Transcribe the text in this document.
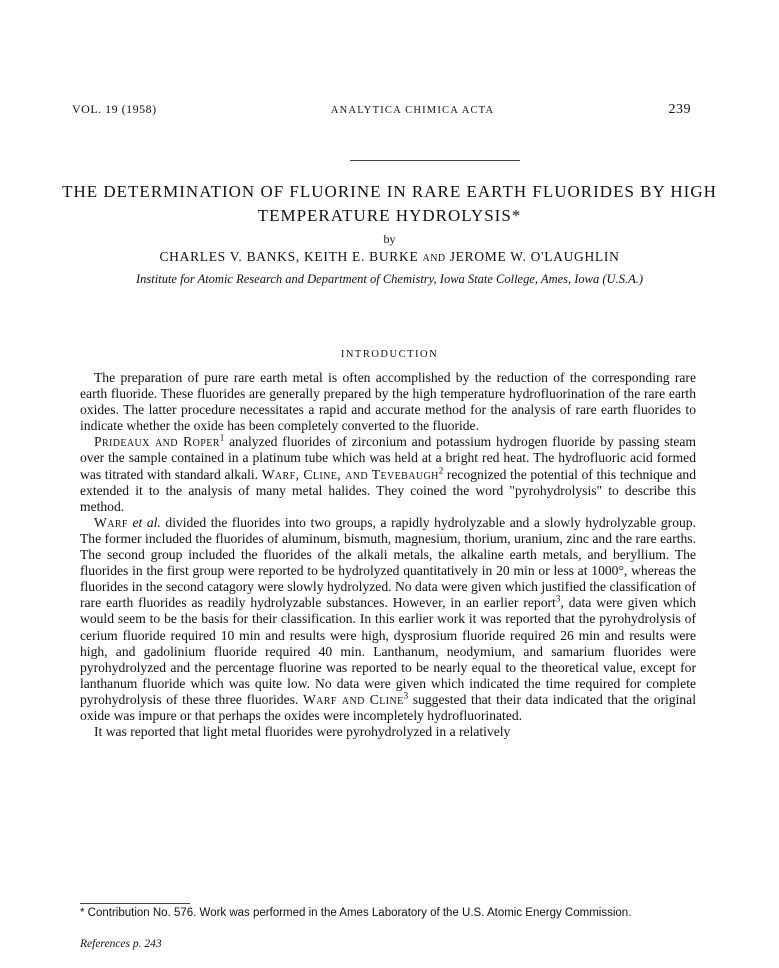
VOL. 19 (1958)	ANALYTICA CHIMICA ACTA	239
THE DETERMINATION OF FLUORINE IN RARE EARTH FLUORIDES BY HIGH TEMPERATURE HYDROLYSIS*
by
CHARLES V. BANKS, KEITH E. BURKE AND JEROME W. O'LAUGHLIN
Institute for Atomic Research and Department of Chemistry, Iowa State College, Ames, Iowa (U.S.A.)
INTRODUCTION

The preparation of pure rare earth metal is often accomplished by the reduction of the corresponding rare earth fluoride. These fluorides are generally prepared by the high temperature hydrofluorination of the rare earth oxides. The latter procedure necessitates a rapid and accurate method for the analysis of rare earth fluorides to indicate whether the oxide has been completely converted to the fluoride.

Prideaux and Roper$^1$ analyzed fluorides of zirconium and potassium hydrogen fluoride by passing steam over the sample contained in a platinum tube which was held at a bright red heat. The hydrofluoric acid formed was titrated with standard alkali. Warf, Cline, and Tevebaugh$^2$ recognized the potential of this technique and extended it to the analysis of many metal halides. They coined the word "pyrohydrolysis" to describe this method.

Warf et al. divided the fluorides into two groups, a rapidly hydrolyzable and a slowly hydrolyzable group. The former included the fluorides of aluminum, bismuth, magnesium, thorium, uranium, zinc and the rare earths. The second group included the fluorides of the alkali metals, the alkaline earth metals, and beryllium. The fluorides in the first group were reported to be hydrolyzed quantitatively in 20 min or less at 1000°, whereas the fluorides in the second catagory were slowly hydrolyzed. No data were given which justified the classification of rare earth fluorides as readily hydrolyzable substances. However, in an earlier report$^3$, data were given which would seem to be the basis for their classification. In this earlier work it was reported that the pyrohydrolysis of cerium fluoride required 10 min and results were high, dysprosium fluoride required 26 min and results were high, and gadolinium fluoride required 40 min. Lanthanum, neodymium, and samarium fluorides were pyrohydrolyzed and the percentage fluorine was reported to be nearly equal to the theoretical value, except for lanthanum fluoride which was quite low. No data were given which indicated the time required for complete pyrohydrolysis of these three fluorides. Warf and Cline$^3$ suggested that their data indicated that the original oxide was impure or that perhaps the oxides were incompletely hydrofluorinated.

It was reported that light metal fluorides were pyrohydrolyzed in a relatively

* Contribution No. 576. Work was performed in the Ames Laboratory of the U.S. Atomic Energy Commission.
References p. 243
